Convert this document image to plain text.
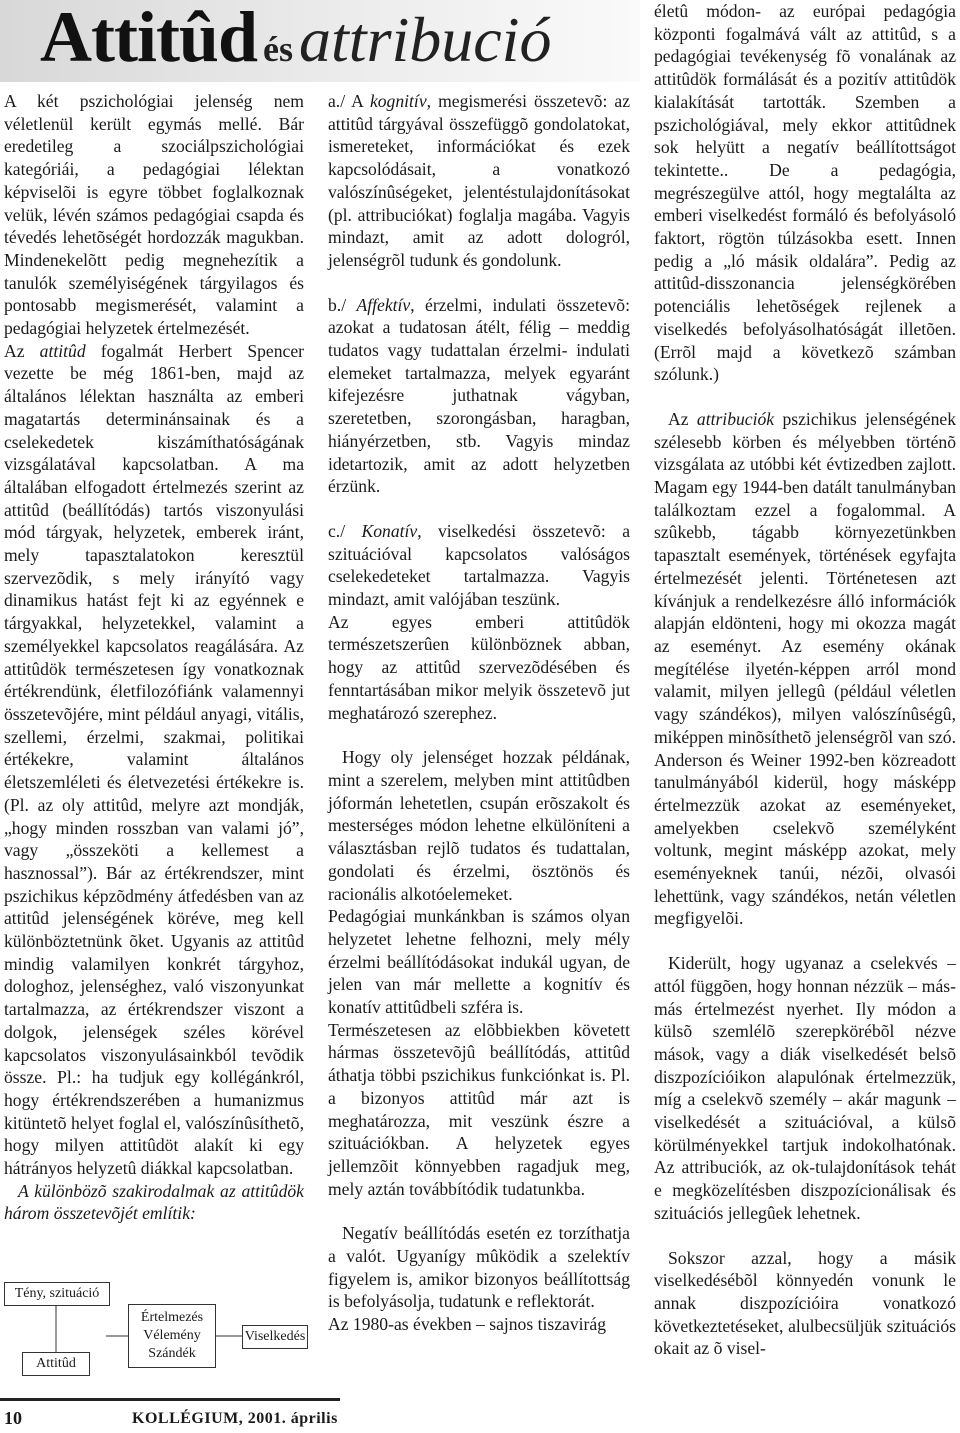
Attitûd ésattribució

A két pszichológiai jelenség nem véletlenül került egymás mellé. Bár eredetileg a szociálpszichológiai kategóriái, a pedagógiai lélektan képviselõi is egyre többet foglalkoznak velük, lévén számos pedagógiai csapda és tévedés lehetõségét hordozzák magukban. Mindenekelõtt pedig megnehezítik a tanulók személyiségének tárgyilagos és pontosabb megismerését, valamint a pedagógiai helyzetek értelmezését.

Az attitûd fogalmát Herbert Spencer vezette be még 1861-ben, majd az általános lélektan használta az emberi magatartás determinánsainak és a cselekedetek kiszámíthatóságának vizsgálatával kapcsolatban. A ma általában elfogadott értelmezés szerint az attitûd (beállítódás) tartós viszonyulási mód tárgyak, helyzetek, emberek iránt, mely tapasztalatokon keresztül szervezõdik, s mely irányító vagy dinamikus hatást fejt ki az egyénnek e tárgyakkal, helyzetekkel, valamint a személyekkel kapcsolatos reagálására. Az attitûdök természetesen így vonatkoznak értékrendünk, életfilozófiánk valamennyi összetevõjére, mint például anyagi, vitális, szellemi, érzelmi, szakmai, politikai értékekre, valamint általános életszemléleti és életvezetési értékekre is. (Pl. az oly attitûd, melyre azt mondják, „hogy minden rosszban van valami jó”, vagy „összeköti a kellemest a hasznossal”). Bár az értékrendszer, mint pszichikus képzõdmény átfedésben van az attitûd jelenségének köréve, meg kell különböztetnünk õket. Ugyanis az attitûd mindig valamilyen konkrét tárgyhoz, dologhoz, jelenséghez, való viszonyunkat tartalmazza, az értékrendszer viszont a dolgok, jelenségek széles körével kapcsolatos viszonyulásainkból tevõdik össze. Pl.: ha tudjuk egy kollégánkról, hogy értékrendszerében a humanizmus kitüntetõ helyet foglal el, valószínûsíthetõ, hogy milyen attitûdöt alakít ki egy hátrányos helyzetû diákkal kapcsolatban.

A különbözõ szakirodalmak az attitûdök három összetevõjét említik:

Tény, szituáció
Attitûd
Értelmezés
Vélemény
Szándék
Viselkedés

a./ A kognitív, megismerési összetevõ: az attitûd tárgyával összefüggõ gondolatokat, ismereteket, információkat és ezek kapcsolódásait, a vonatkozó valószínûségeket, jelentéstulajdonításokat (pl. attribuciókat) foglalja magába. Vagyis mindazt, amit az adott dologról, jelenségrõl tudunk és gondolunk.

b./ Affektív, érzelmi, indulati összetevõ: azokat a tudatosan átélt, félig – meddig tudatos vagy tudattalan érzelmi- indulati elemeket tartalmazza, melyek egyaránt kifejezésre juthatnak vágyban, szeretetben, szorongásban, haragban, hiányérzetben, stb. Vagyis mindaz idetartozik, amit az adott helyzetben érzünk.

c./ Konatív, viselkedési összetevõ: a szituációval kapcsolatos valóságos cselekedeteket tartalmazza. Vagyis mindazt, amit valójában teszünk.

Az egyes emberi attitûdök természetszerûen különböznek abban, hogy az attitûd szervezõdésében és fenntartásában mikor melyik összetevõ jut meghatározó szerephez.

Hogy oly jelenséget hozzak példának, mint a szerelem, melyben mint attitûdben jóformán lehetetlen, csupán erõszakolt és mesterséges módon lehetne elkülöníteni a választásban rejlõ tudatos és tudattalan, gondolati és érzelmi, ösztönös és racionális alkotóelemeket.

Pedagógiai munkánkban is számos olyan helyzetet lehetne felhozni, mely mély érzelmi beállítódásokat indukál ugyan, de jelen van már mellette a kognitív és konatív attitûdbeli szféra is.

Természetesen az elõbbiekben követett hármas összetevõjû beállítódás, attitûd áthatja többi pszichikus funkciónkat is. Pl. a bizonyos attitûd már azt is meghatározza, mit veszünk észre a szituációkban. A helyzetek egyes jellemzõit könnyebben ragadjuk meg, mely aztán továbbítódik tudatunkba.

Negatív beállítódás esetén ez torzíthatja a valót. Ugyanígy mûködik a szelektív figyelem is, amikor bizonyos beállítottság is befolyásolja, tudatunk e reflektorát.

Az 1980-as években – sajnos tiszavirág

életû módon- az európai pedagógia központi fogalmává vált az attitûd, s a pedagógiai tevékenység fõ vonalának az attitûdök formálását és a pozitív attitûdök kialakítását tartották. Szemben a pszichológiával, mely ekkor attitûdnek sok helyütt a negatív beállítottságot tekintette.. De a pedagógia, megrészegülve attól, hogy megtalálta az emberi viselkedést formáló és befolyásoló faktort, rögtön túlzásokba esett. Innen pedig a „ló másik oldalára”. Pedig az attitûd-disszonancia jelenségkörében potenciális lehetõségek rejlenek a viselkedés befolyásolhatóságát illetõen. (Errõl majd a következõ számban szólunk.)

Az attribuciók pszichikus jelenségének szélesebb körben és mélyebben történõ vizsgálata az utóbbi két évtizedben zajlott. Magam egy 1944-ben datált tanulmányban találkoztam ezzel a fogalommal. A szûkebb, tágabb környezetünkben tapasztalt események, történések egyfajta értelmezését jelenti. Történetesen azt kívánjuk a rendelkezésre álló információk alapján eldönteni, hogy mi okozza magát az eseményt. Az esemény okának megítélése ilyetén-képpen arról mond valamit, milyen jellegû (például véletlen vagy szándékos), milyen valószínûségû, miképpen minõsíthetõ jelenségrõl van szó. Anderson és Weiner 1992-ben közreadott tanulmányából kiderül, hogy másképp értelmezzük azokat az eseményeket, amelyekben cselekvõ személyként voltunk, megint másképp azokat, mely eseményeknek tanúi, nézõi, olvasói lehettünk, vagy szándékos, netán véletlen megfigyelõi.

Kiderült, hogy ugyanaz a cselekvés – attól függõen, hogy honnan nézzük – más-más értelmezést nyerhet. Ily módon a külsõ szemlélõ szerepkörébõl nézve mások, vagy a diák viselkedését belsõ diszpozícióikon alapulónak értelmezzük, míg a cselekvõ személy – akár magunk – viselkedését a szituációval, a külsõ körülményekkel tartjuk indokolhatónak. Az attribuciók, az ok-tulajdonítások tehát e megközelítésben diszpozícionálisak és szituációs jellegûek lehetnek.

Sokszor azzal, hogy a másik viselkedésébõl könnyedén vonunk le annak diszpozícióira vonatkozó következtetéseket, alulbecsüljük szituációs okait az õ visel-

10	KOLLÉGIUM, 2001. április
